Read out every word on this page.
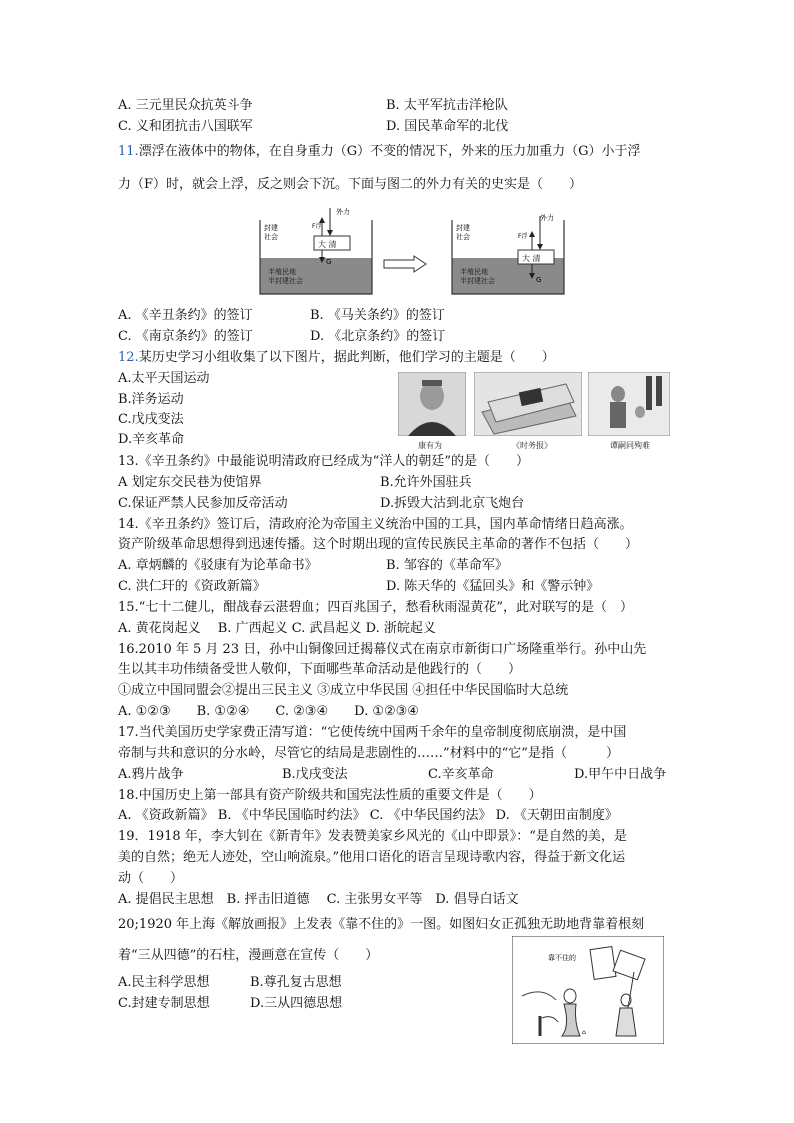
A. 三元里民众抗英斗争	B. 太平军抗击洋枪队
C. 义和团抗击八国联军	D. 国民革命军的北伐
11.漂浮在液体中的物体，在自身重力（G）不变的情况下，外来的压力加重力（G）小于浮
力（F）时，就会上浮，反之则会下沉。下面与图二的外力有关的史实是（　　）
大 清
外力
F浮
G
封建
社会
半殖民地
半封建社会
大 清
外力
F浮
G
封建
社会
半殖民地
半封建社会
A. 《辛丑条约》的签订	B. 《马关条约》的签订
C. 《南京条约》的签订	D. 《北京条约》的签订
12.某历史学习小组收集了以下图片，据此判断，他们学习的主题是（　　）
A.太平天国运动
B.洋务运动
C.戊戌变法
D.辛亥革命	康有为	《时务报》	谭嗣同殉难
13.《辛丑条约》中最能说明清政府已经成为“洋人的朝廷”的是（　　）
A 划定东交民巷为使馆界	B.允许外国驻兵
C.保证严禁人民参加反帝活动	D.拆毁大沽到北京飞炮台
14.《辛丑条约》签订后，清政府沦为帝国主义统治中国的工具，国内革命情绪日趋高涨。
资产阶级革命思想得到迅速传播。这个时期出现的宣传民族民主革命的著作不包括（　　）
A. 章炳麟的《驳康有为论革命书》	B. 邹容的《革命军》
C. 洪仁玕的《资政新篇》	D. 陈天华的《猛回头》和《警示钟》
15.“七十二健儿，酣战春云湛碧血；四百兆国子，愁看秋雨湿黄花”，此对联写的是（　）
A. 黄花岗起义　 B. 广西起义 C. 武昌起义 D. 浙皖起义
16.2010 年 5 月 23 日，孙中山铜像回迁揭幕仪式在南京市新街口广场隆重举行。孙中山先
生以其丰功伟绩备受世人敬仰，下面哪些革命活动是他践行的（　　）
①成立中国同盟会②提出三民主义 ③成立中华民国 ④担任中华民国临时大总统
A. ①②③　　B. ①②④　　C. ②③④　　D. ①②③④
17.当代美国历史学家费正清写道：“它使传统中国两千余年的皇帝制度彻底崩溃，是中国
帝制与共和意识的分水岭，尽管它的结局是悲剧性的……”材料中的“它”是指（　　　）
A.鸦片战争	B.戊戌变法	C.辛亥革命	D.甲午中日战争
18.中国历史上第一部具有资产阶级共和国宪法性质的重要文件是（　　）
A. 《资政新篇》 B. 《中华民国临时约法》 C. 《中华民国约法》 D. 《天朝田亩制度》
19．1918 年，李大钊在《新青年》发表赞美家乡风光的《山中即景》：“是自然的美，是
美的自然；绝无人迹处，空山响流泉。”他用口语化的语言呈现诗歌内容，得益于新文化运
动（　　）
A. 提倡民主思想　B. 抨击旧道德　 C. 主张男女平等　D. 倡导白话文
20;1920 年上海《解放画报》上发表《靠不住的》一图。如图妇女正孤独无助地背靠着根刻
着“三从四德”的石柱，漫画意在宣传（　　）
A.民主科学思想	B.尊孔复古思想
C.封建专制思想	D.三从四德思想
靠不住的
⌂
